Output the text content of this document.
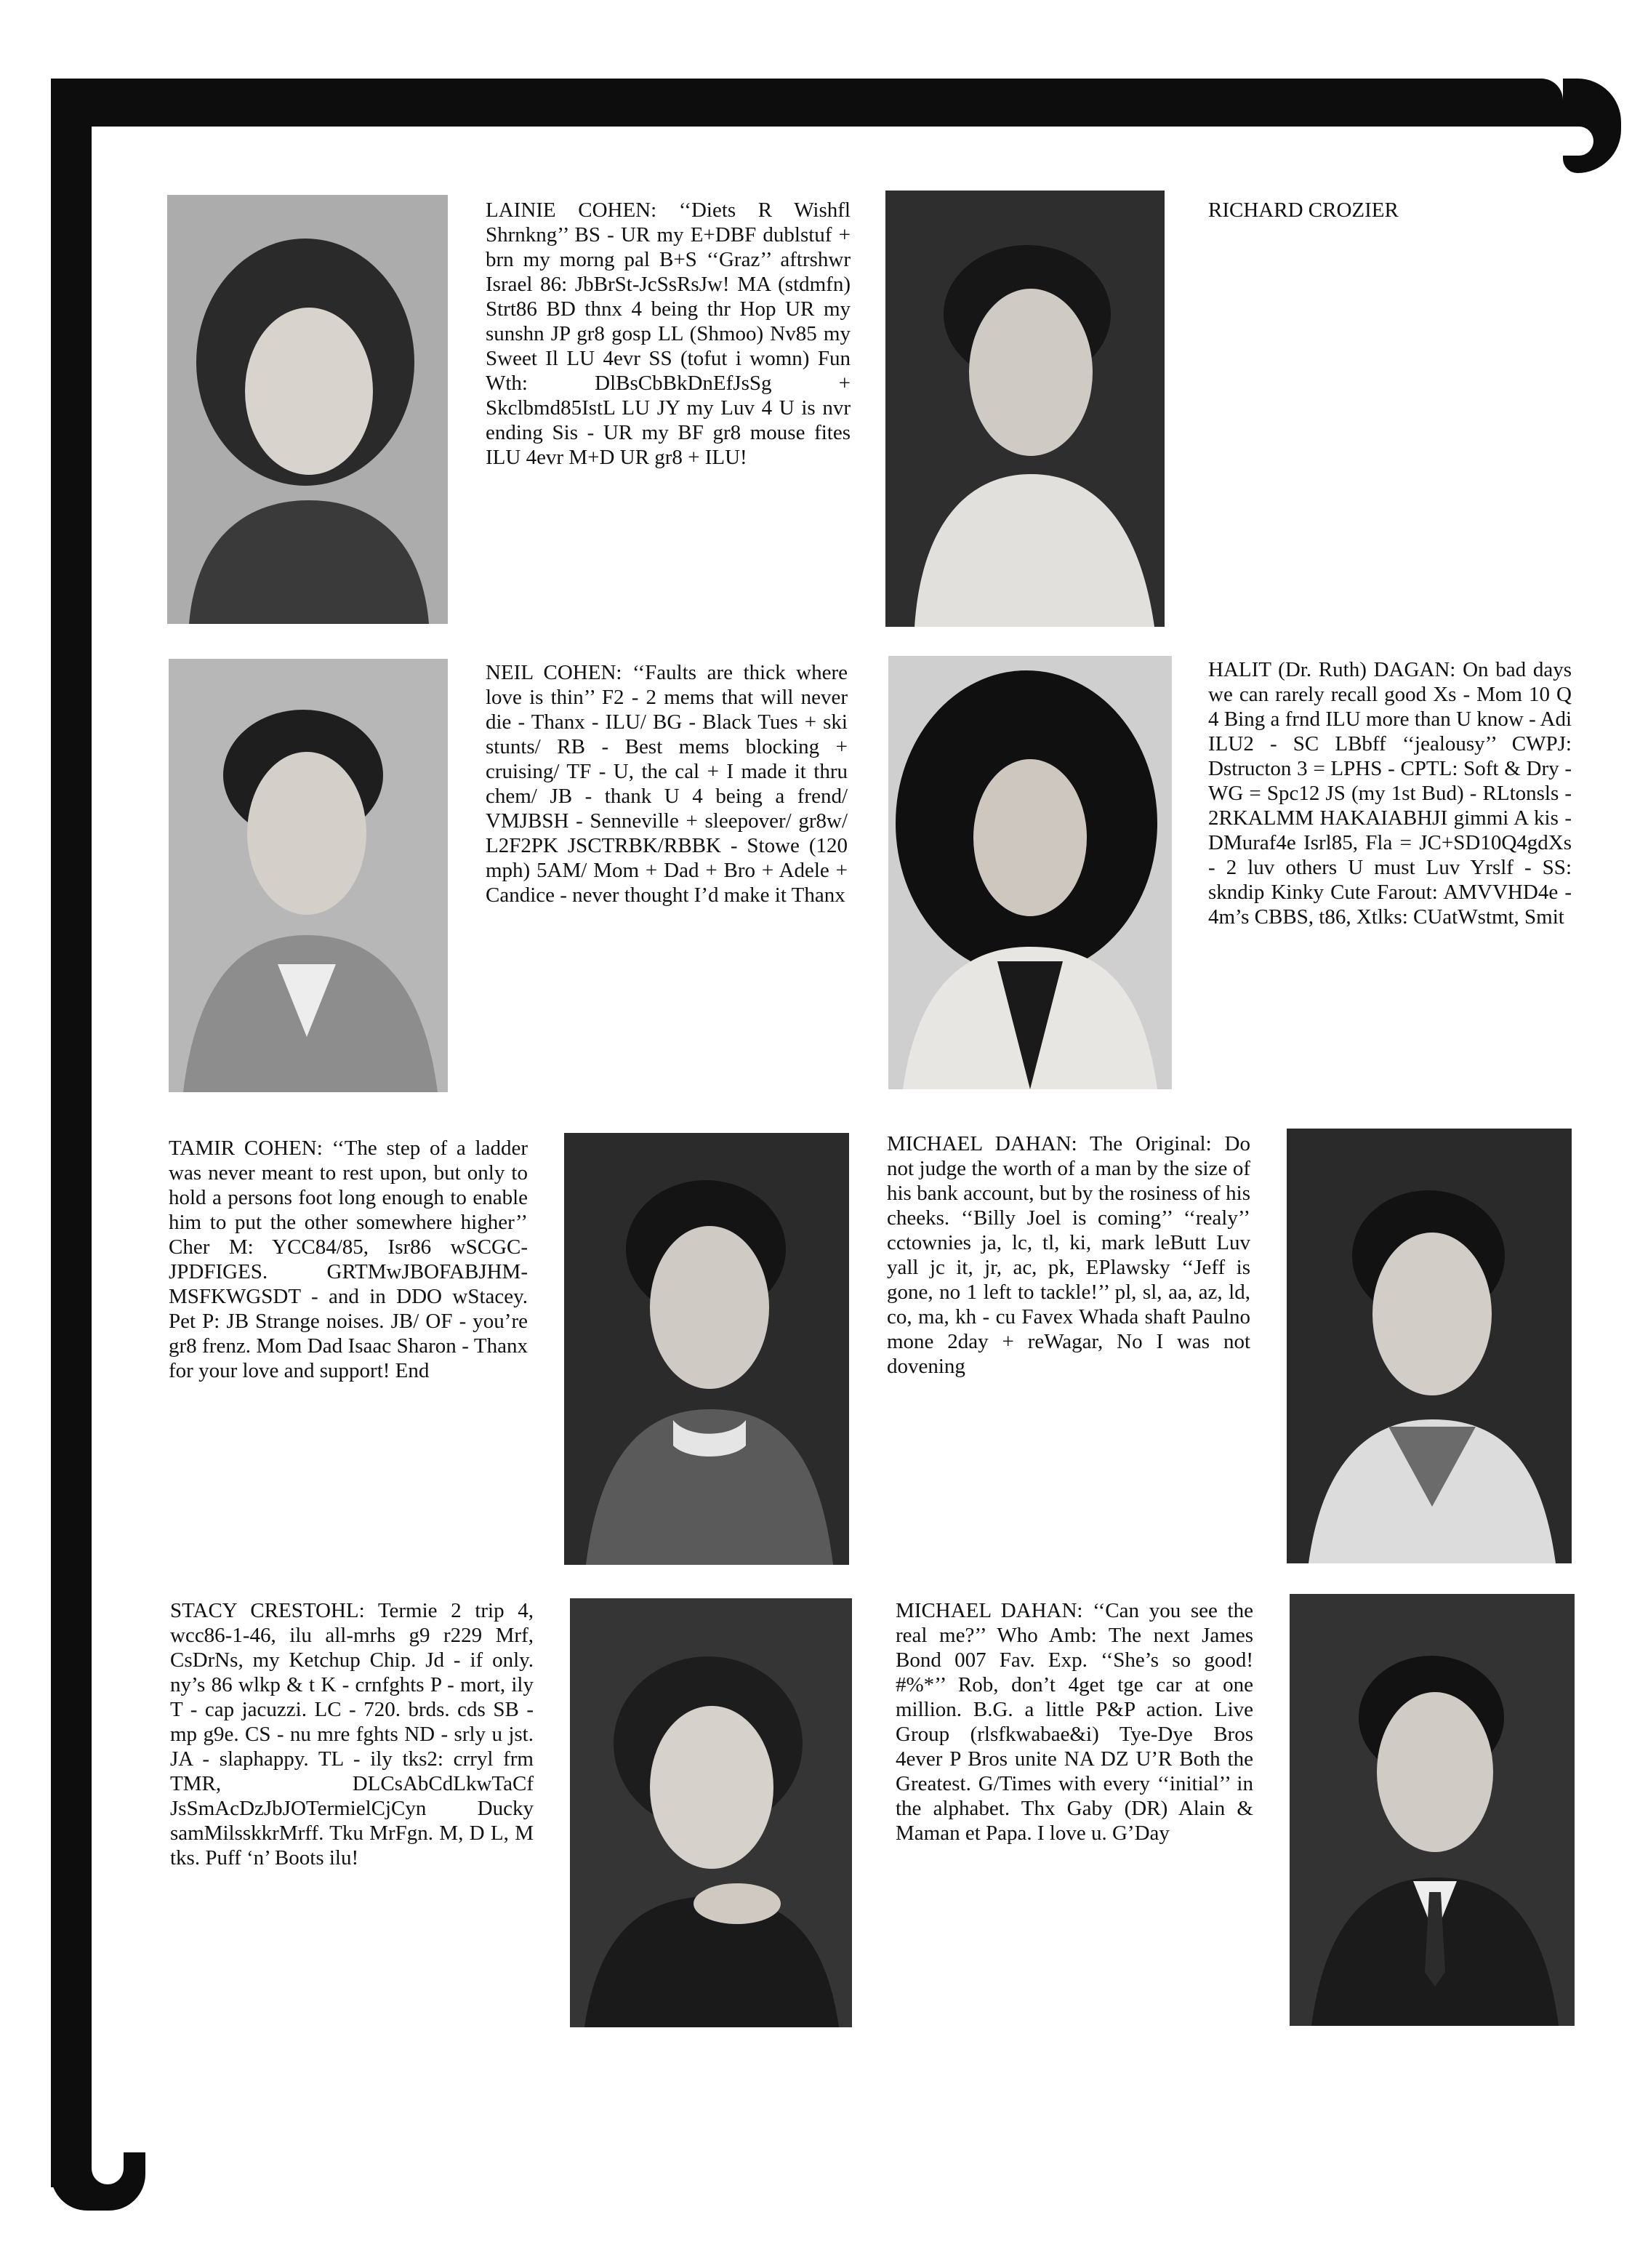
LAINIE COHEN: ‘‘Diets R Wishfl Shrnkng’’ BS - UR my E+DBF dublstuf + brn my morng pal B+S ‘‘Graz’’ aftrshwr Israel 86: JbBrSt-JcSsRsJw! MA (stdmfn) Strt86 BD thnx 4 being thr Hop UR my sunshn JP gr8 gosp LL (Shmoo) Nv85 my Sweet Il LU 4evr SS (tofut i womn) Fun Wth: DlBsCbBkDnEfJsSg + Skclbmd85IstL LU JY my Luv 4 U is nvr ending Sis - UR my BF gr8 mouse fites ILU 4evr M+D UR gr8 + ILU!

RICHARD CROZIER

NEIL COHEN: ‘‘Faults are thick where love is thin’’ F2 - 2 mems that will never die - Thanx - ILU/ BG - Black Tues + ski stunts/ RB - Best mems blocking + cruising/ TF - U, the cal + I made it thru chem/ JB - thank U 4 being a frend/ VMJBSH - Senneville + sleepover/ gr8w/ L2F2PK JSCTRBK/RBBK - Stowe (120 mph) 5AM/ Mom + Dad + Bro + Adele + Candice - never thought I’d make it Thanx

HALIT (Dr. Ruth) DAGAN: On bad days we can rarely recall good Xs - Mom 10 Q 4 Bing a frnd ILU more than U know - Adi ILU2 - SC LBbff ‘‘jealousy’’ CWPJ: Dstructon 3 = LPHS - CPTL: Soft & Dry - WG = Spc12 JS (my 1st Bud) - RLtonsls - 2RKALMM HAKAIABHJI gimmi A kis - DMuraf4e Isrl85, Fla = JC+SD10Q4gdXs - 2 luv others U must Luv Yrslf - SS: skndip Kinky Cute Farout: AMVVHD4e - 4m’s CBBS, t86, Xtlks: CUatWstmt, Smit

TAMIR COHEN: ‘‘The step of a ladder was never meant to rest upon, but only to hold a persons foot long enough to enable him to put the other somewhere higher’’ Cher M: YCC84/85, Isr86 wSCGC-JPDFIGES. GRTMwJBOFABJHM-MSFKWGSDT - and in DDO wStacey. Pet P: JB Strange noises. JB/ OF - you’re gr8 frenz. Mom Dad Isaac Sharon - Thanx for your love and support! End

MICHAEL DAHAN: The Original: Do not judge the worth of a man by the size of his bank account, but by the rosiness of his cheeks. ‘‘Billy Joel is coming’’ ‘‘realy’’ cctownies ja, lc, tl, ki, mark leButt Luv yall jc it, jr, ac, pk, EPlawsky ‘‘Jeff is gone, no 1 left to tackle!’’ pl, sl, aa, az, ld, co, ma, kh - cu Favex Whada shaft Paulno mone 2day + reWagar, No I was not dovening

STACY CRESTOHL: Termie 2 trip 4, wcc86-1-46, ilu all-mrhs g9 r229 Mrf, CsDrNs, my Ketchup Chip. Jd - if only. ny’s 86 wlkp & t K - crnfghts P - mort, ily T - cap jacuzzi. LC - 720. brds. cds SB - mp g9e. CS - nu mre fghts ND - srly u jst. JA - slaphappy. TL - ily tks2: crryl frm TMR, DLCsAbCdLkwTaCf JsSmAcDzJbJOTermielCjCyn Ducky samMilsskkrMrff. Tku MrFgn. M, D L, M tks. Puff ‘n’ Boots ilu!

MICHAEL DAHAN: ‘‘Can you see the real me?’’ Who Amb: The next James Bond 007 Fav. Exp. ‘‘She’s so good! #%*’’ Rob, don’t 4get tge car at one million. B.G. a little P&P action. Live Group (rlsfkwabae&i) Tye-Dye Bros 4ever P Bros unite NA DZ U’R Both the Greatest. G/Times with every ‘‘initial’’ in the alphabet. Thx Gaby (DR) Alain & Maman et Papa. I love u. G’Day
